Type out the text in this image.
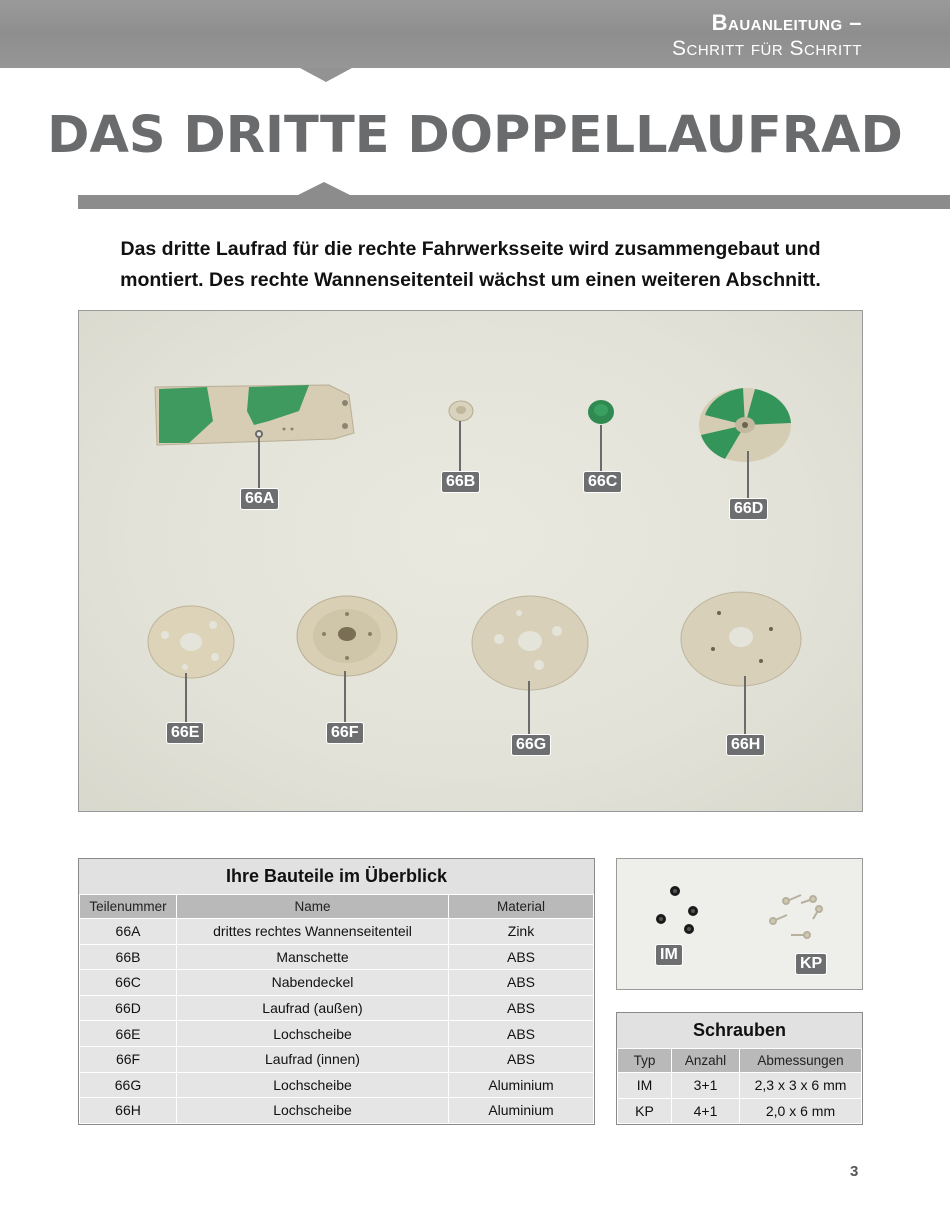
Bauanleitung –
Schritt für Schritt
DAS DRITTE DOPPELLAUFRAD
Das dritte Laufrad für die rechte Fahrwerksseite wird zusammengebaut und montiert. Des rechte Wannenseitenteil wächst um einen weiteren Abschnitt.
66A
66B	66C
66D
66E	66F
66G	66H
Ihre Bauteile im Überblick
Teilenummer	Name	Material
66A	drittes rechtes Wannenseitenteil	Zink
66B	Manschette	ABS
66C	Nabendeckel	ABS
66D	Laufrad (außen)	ABS
66E	Lochscheibe	ABS
66F	Laufrad (innen)	ABS
66G	Lochscheibe	Aluminium
66H	Lochscheibe	Aluminium
IM
KP
Schrauben
Typ	Anzahl	Abmessungen
IM	3+1	2,3 x 3 x 6 mm
KP	4+1	2,0 x 6 mm
3
